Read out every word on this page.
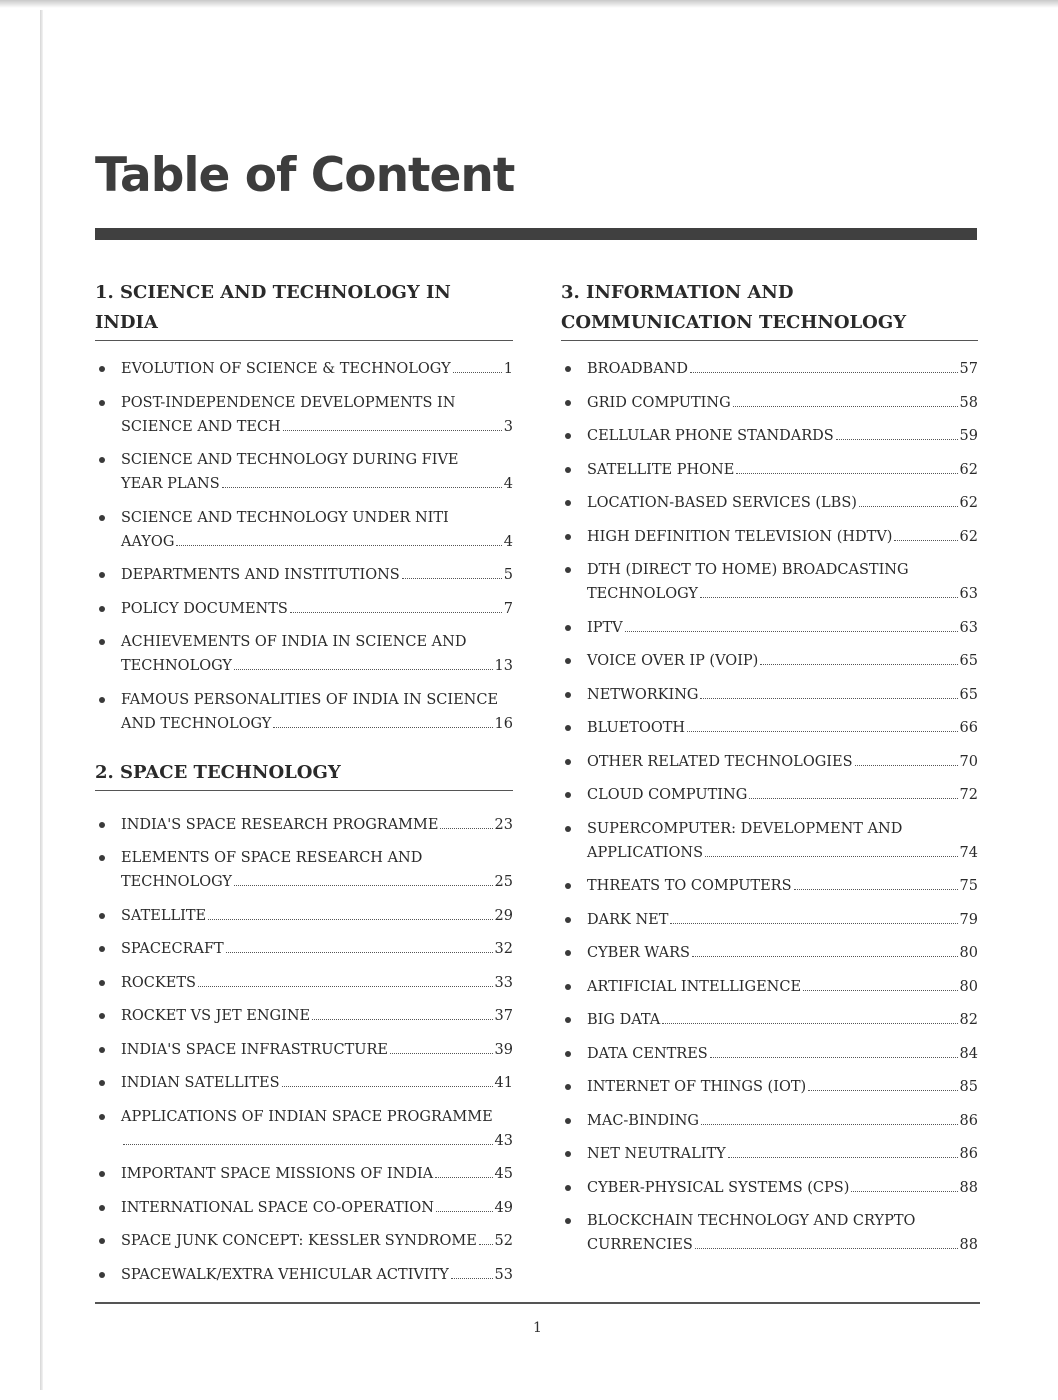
Table of Content
1. SCIENCE AND TECHNOLOGY IN INDIA
EVOLUTION OF SCIENCE & TECHNOLOGY	1
POST-INDEPENDENCE DEVELOPMENTS IN
SCIENCE AND TECH	3
SCIENCE AND TECHNOLOGY DURING FIVE
YEAR PLANS	4
SCIENCE AND TECHNOLOGY UNDER NITI
AAYOG	4
DEPARTMENTS AND INSTITUTIONS	5
POLICY DOCUMENTS	7
ACHIEVEMENTS OF INDIA IN SCIENCE AND
TECHNOLOGY	13
FAMOUS PERSONALITIES OF INDIA IN SCIENCE
AND TECHNOLOGY	16
2. SPACE TECHNOLOGY
INDIA'S SPACE RESEARCH PROGRAMME	23
ELEMENTS OF SPACE RESEARCH AND
TECHNOLOGY	25
SATELLITE	29
SPACECRAFT	32
ROCKETS	33
ROCKET VS JET ENGINE	37
INDIA'S SPACE INFRASTRUCTURE	39
INDIAN SATELLITES	41
APPLICATIONS OF INDIAN SPACE PROGRAMME
43
IMPORTANT SPACE MISSIONS OF INDIA	45
INTERNATIONAL SPACE CO-OPERATION	49
SPACE JUNK CONCEPT: KESSLER SYNDROME 52
SPACEWALK/EXTRA VEHICULAR ACTIVITY	53
3. INFORMATION AND
COMMUNICATION TECHNOLOGY
BROADBAND	57
GRID COMPUTING	58
CELLULAR PHONE STANDARDS	59
SATELLITE PHONE	62
LOCATION-BASED SERVICES (LBS)	62
HIGH DEFINITION TELEVISION (HDTV)	62
DTH (DIRECT TO HOME) BROADCASTING
TECHNOLOGY	63
IPTV	63
VOICE OVER IP (VOIP)	65
NETWORKING	65
BLUETOOTH	66
OTHER RELATED TECHNOLOGIES	70
CLOUD COMPUTING	72
SUPERCOMPUTER: DEVELOPMENT AND
APPLICATIONS	74
THREATS TO COMPUTERS	75
DARK NET	79
CYBER WARS	80
ARTIFICIAL INTELLIGENCE	80
BIG DATA	82
DATA CENTRES	84
INTERNET OF THINGS (IOT)	85
MAC-BINDING	86
NET NEUTRALITY	86
CYBER-PHYSICAL SYSTEMS (CPS)	88
BLOCKCHAIN TECHNOLOGY AND CRYPTO
CURRENCIES	88
1
